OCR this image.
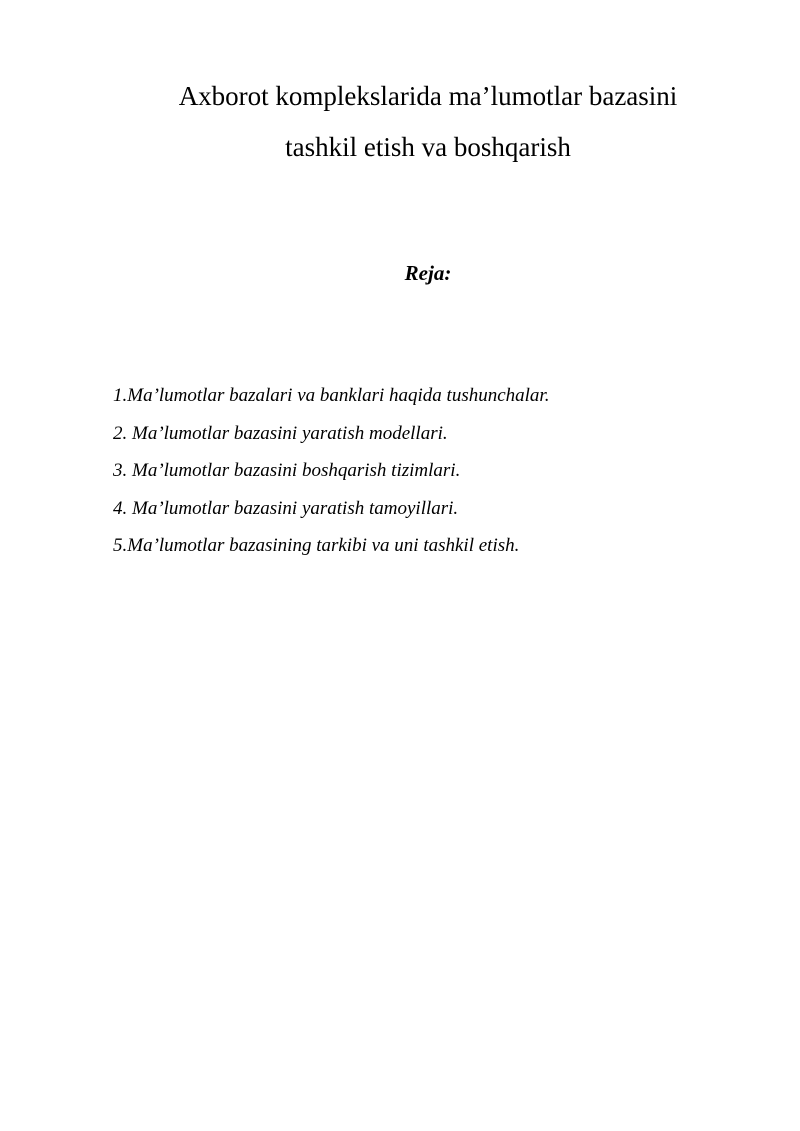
Axborot komplekslarida ma’lumotlar bazasini
tashkil etish va boshqarish
Reja:
1.Ma’lumotlar bazalari va banklari haqida tushunchalar.
2. Ma’lumotlar bazasini yaratish modellari.
3. Ma’lumotlar bazasini boshqarish tizimlari.
4. Ma’lumotlar bazasini yaratish tamoyillari.
5.Ma’lumotlar bazasining tarkibi va uni tashkil etish.
